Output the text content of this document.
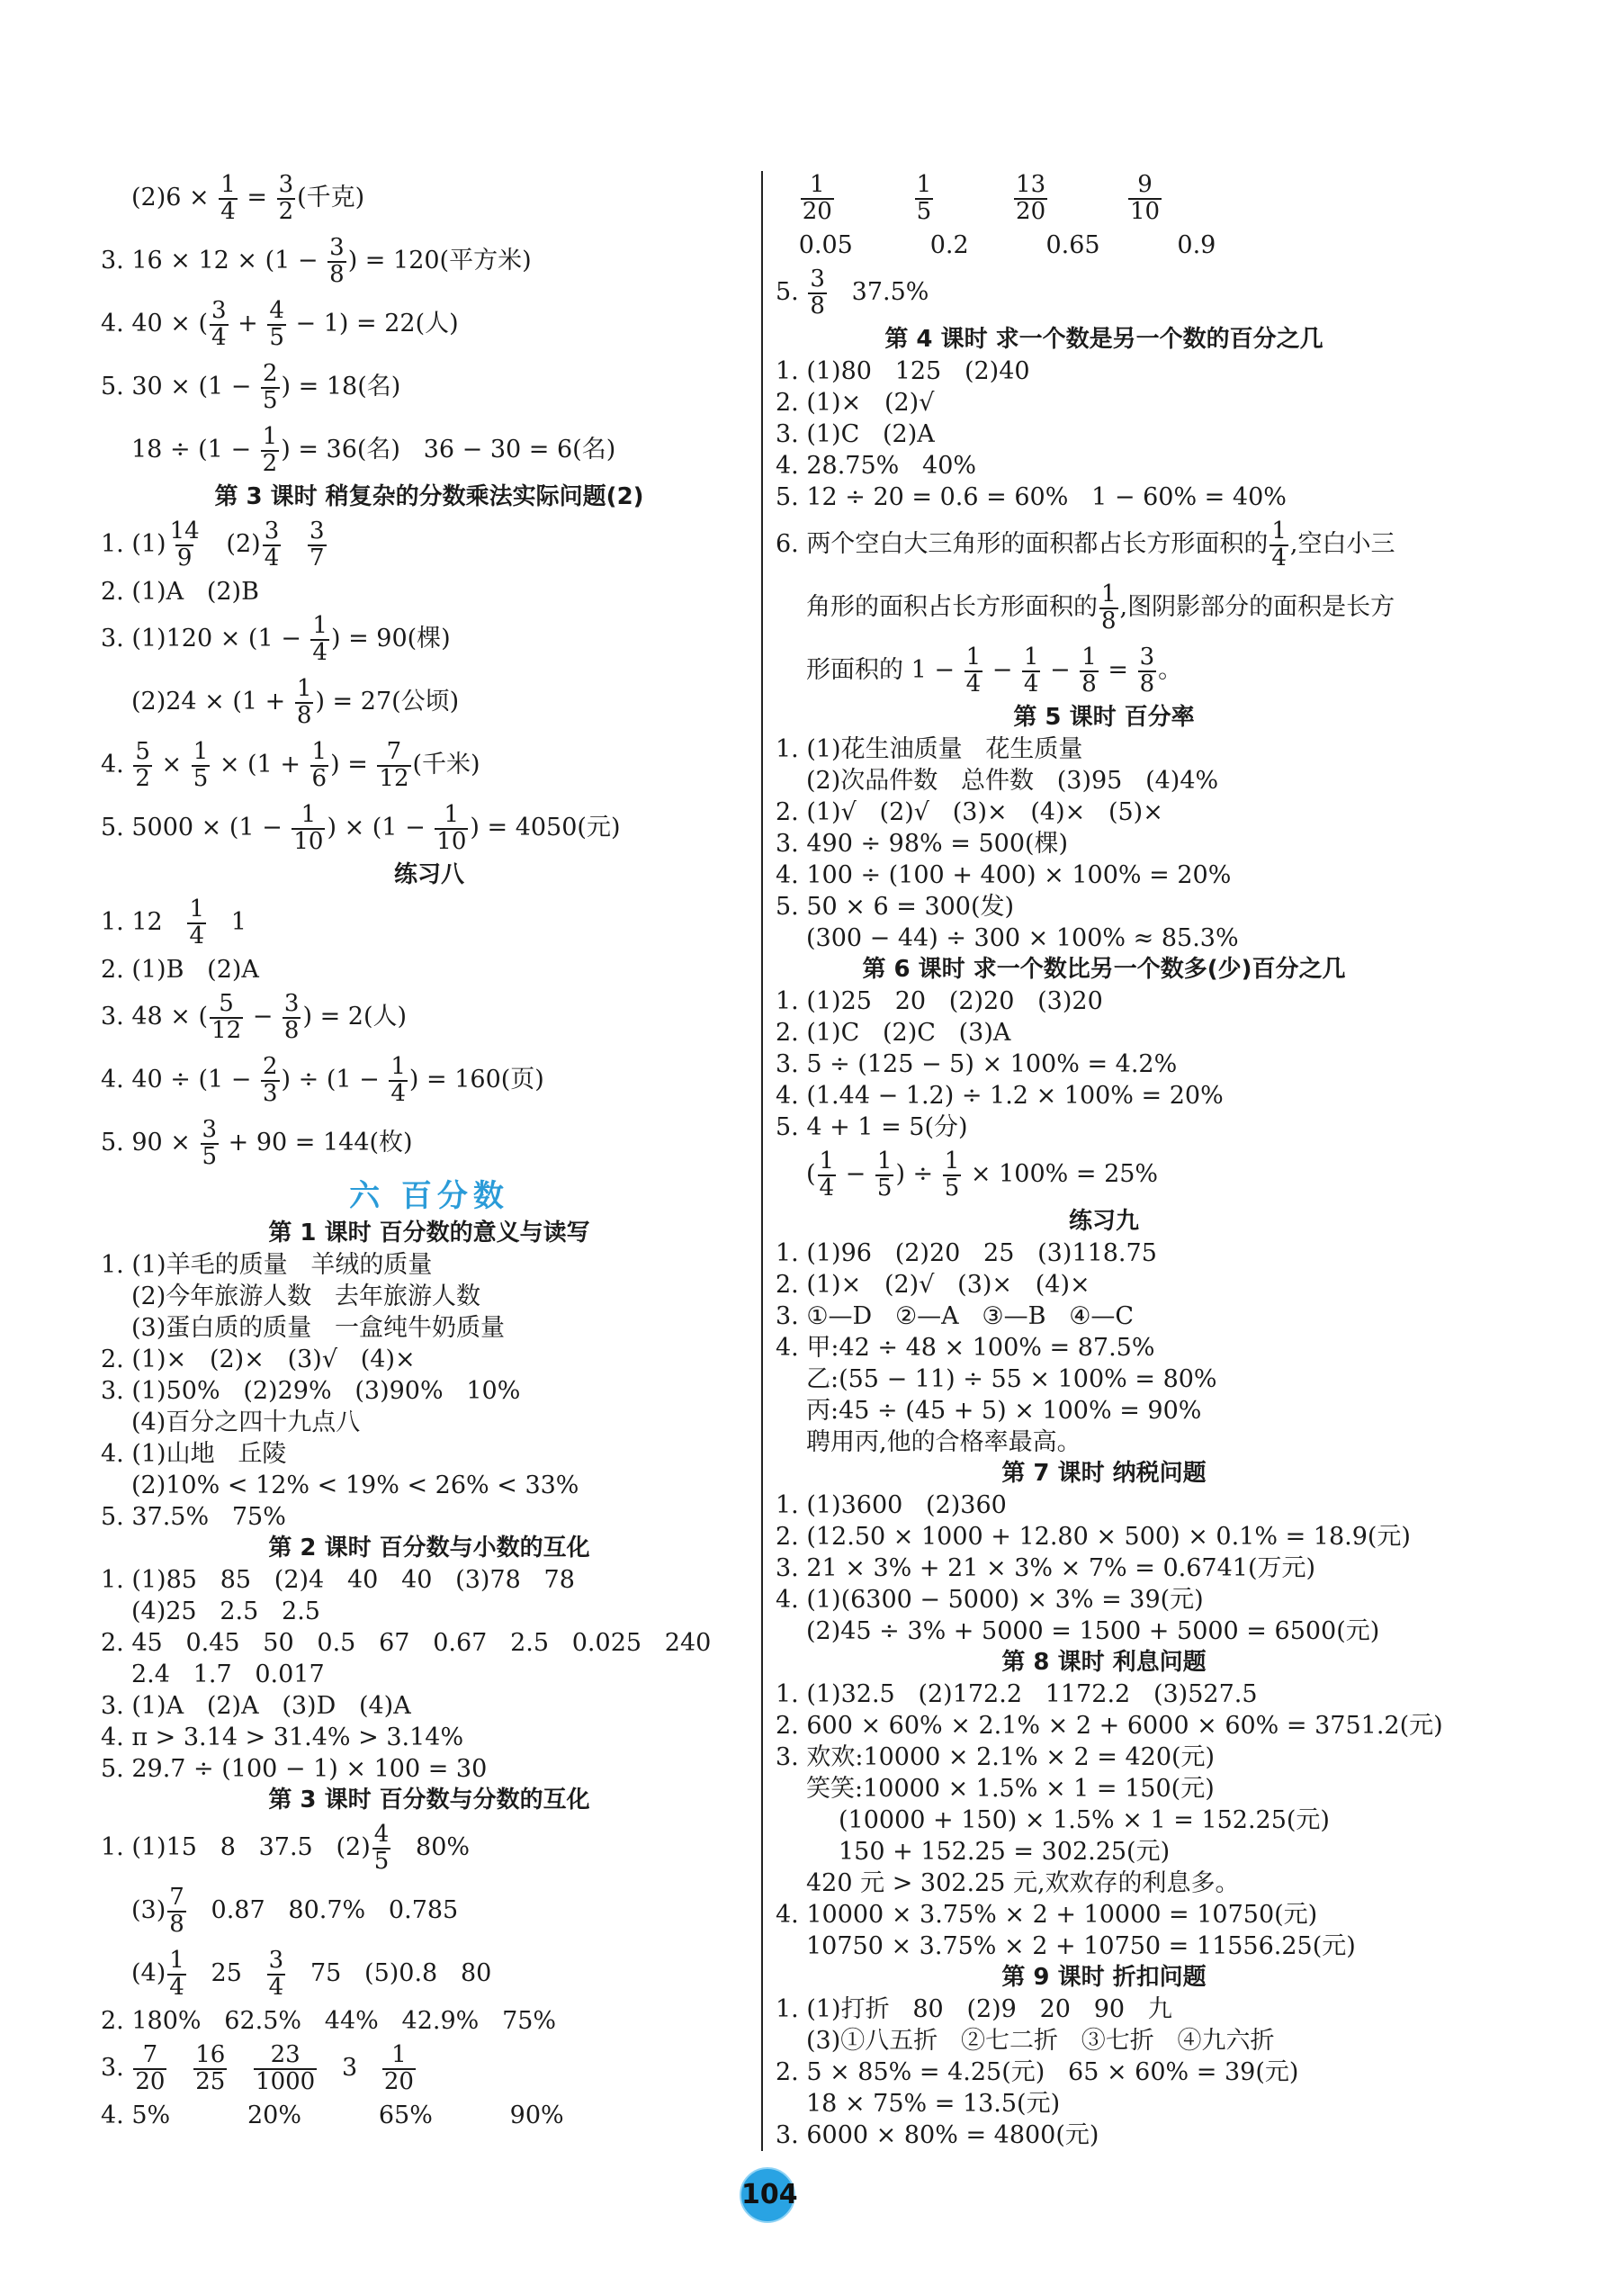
$(2)6 \times \frac{1}{4} = \frac{3}{2}$ (千克)
3. $16 \times 12 \times (1 - \frac{3}{8}$ ) = 120(平方米)
4. 40 × ( $\frac{3}{4} + \frac{4}{5} - 1) = 22$(人)
5. $30 \times (1 - \frac{2}{5}$ ) = 18(名)
$18 \div (1 - \frac{1}{2}$ ) = 36(名)   36 − 30 = 6(名)
第 3 课时 稍复杂的分数乘法实际问题(2)
1. $(1) \frac{14}{9} (2) \frac{3}{4}$
$\frac{3}{7}$
2. (1)A   (2)B
3. $(1)120 \times (1 - \frac{1}{4}$ ) = 90(棵)
$(2)24 \times (1 + \frac{1}{8}$ ) = 27(公顷)
4. $\frac{5}{2} \times \frac{1}{5} \times (1 + \frac{1}{6}$ ) = $\frac{7}{12}$ (千米)
5. $5000 \times (1 - \frac{1}{10}$ ) × ($1 - \frac{1}{10}$ ) = 4050(元)
练习八
1. $12 \frac{1}{4} 1$
2. (1)B   (2)A
3. 48 × ( $\frac{5}{12} - \frac{3}{8}$ ) = 2(人)
4. $40 \div (1 - \frac{2}{3}$ ) ÷ ($1 - \frac{1}{4}$ ) = 160(页)
5. $90 \times \frac{3}{5} + 90 = 144$(枚)
六 百分数
第 1 课时 百分数的意义与读写
1. (1)羊毛的质量   羊绒的质量
(2)今年旅游人数   去年旅游人数
(3)蛋白质的质量   一盒纯牛奶质量
2. (1)×   (2)×   (3)√   (4)×
3. (1)50%   (2)29%   (3)90%   10%
(4)百分之四十九点八
4. (1)山地   丘陵
(2)10% < 12% < 19% < 26% < 33%
5. 37.5%   75%
第 2 课时 百分数与小数的互化
1. (1)85   85   (2)4   40   40   (3)78   78
(4)25   2.5   2.5
2. 45   0.45   50   0.5   67   0.67   2.5   0.025   240
2.4   1.7   0.017
3. (1)A   (2)A   (3)D   (4)A
4. π > 3.14 > 31.4% > 3.14%
5. 29.7 ÷ (100 − 1) × 100 = 30
第 3 课时 百分数与分数的互化
1. (1)15   8   37.5   $(2) \frac{4}{5} 80\%$
$(3) \frac{7}{8} 0.87$   80.7%   0.785
$(4) \frac{1}{4} 25 \frac{3}{4} 75$   (5)0.8   80
2. 180%   62.5%   44%   42.9%   75%
3. $\frac{7}{20}$
$\frac{16}{25}$
$\frac{23}{1000} 3 \frac{1}{20}$
4. 5%          20%          65%          90%

$\frac{1}{20}$
	$\frac{1}{5}$
	$\frac{13}{20}$
	$\frac{9}{10}$
0.05          0.2          0.65          0.9
5. $\frac{3}{8} 37.5\%$
第 4 课时 求一个数是另一个数的百分之几
1. (1)80   125   (2)40
2. (1)×   (2)√
3. (1)C   (2)A
4. 28.75%   40%
5. 12 ÷ 20 = 0.6 = 60%   1 − 60% = 40%
6. 两个空白大三角形的面积都占长方形面积的 $\frac{1}{4}$ ,空白小三
角形的面积占长方形面积的 $\frac{1}{8}$ ,图阴影部分的面积是长方
形面积的 $1 - \frac{1}{4} - \frac{1}{4} - \frac{1}{8} = \frac{3}{8}$ 。
第 5 课时 百分率
1. (1)花生油质量   花生质量
(2)次品件数   总件数   (3)95   (4)4%
2. (1)√   (2)√   (3)×   (4)×   (5)×
3. 490 ÷ 98% = 500(棵)
4. 100 ÷ (100 + 400) × 100% = 20%
5. 50 × 6 = 300(发)
(300 − 44) ÷ 300 × 100% ≈ 85.3%
第 6 课时 求一个数比另一个数多(少)百分之几
1. (1)25   20   (2)20   (3)20
2. (1)C   (2)C   (3)A
3. 5 ÷ (125 − 5) × 100% = 4.2%
4. (1.44 − 1.2) ÷ 1.2 × 100% = 20%
5. 4 + 1 = 5(分)
( $\frac{1}{4} - \frac{1}{5}$ ) ÷ $\frac{1}{5} \times 100\% = 25\%$
练习九
1. (1)96   (2)20   25   (3)118.75
2. (1)×   (2)√   (3)×   (4)×
3. ①—D   ②—A   ③—B   ④—C
4. 甲:42 ÷ 48 × 100% = 87.5%
乙:(55 − 11) ÷ 55 × 100% = 80%
丙:45 ÷ (45 + 5) × 100% = 90%
聘用丙,他的合格率最高。
第 7 课时 纳税问题
1. (1)3600   (2)360
2. (12.50 × 1000 + 12.80 × 500) × 0.1% = 18.9(元)
3. 21 × 3% + 21 × 3% × 7% = 0.6741(万元)
4. (1)(6300 − 5000) × 3% = 39(元)
(2)45 ÷ 3% + 5000 = 1500 + 5000 = 6500(元)
第 8 课时 利息问题
1. (1)32.5   (2)172.2   1172.2   (3)527.5
2. 600 × 60% × 2.1% × 2 + 6000 × 60% = 3751.2(元)
3. 欢欢:10000 × 2.1% × 2 = 420(元)
笑笑:10000 × 1.5% × 1 = 150(元)
(10000 + 150) × 1.5% × 1 = 152.25(元)
150 + 152.25 = 302.25(元)
420 元 > 302.25 元,欢欢存的利息多。
4. 10000 × 3.75% × 2 + 10000 = 10750(元)
10750 × 3.75% × 2 + 10750 = 11556.25(元)
第 9 课时 折扣问题
1. (1)打折   80   (2)9   20   90   九
(3)①八五折   ②七二折   ③七折   ④九六折
2. 5 × 85% = 4.25(元)   65 × 60% = 39(元)
18 × 75% = 13.5(元)
3. 6000 × 80% = 4800(元)
104
